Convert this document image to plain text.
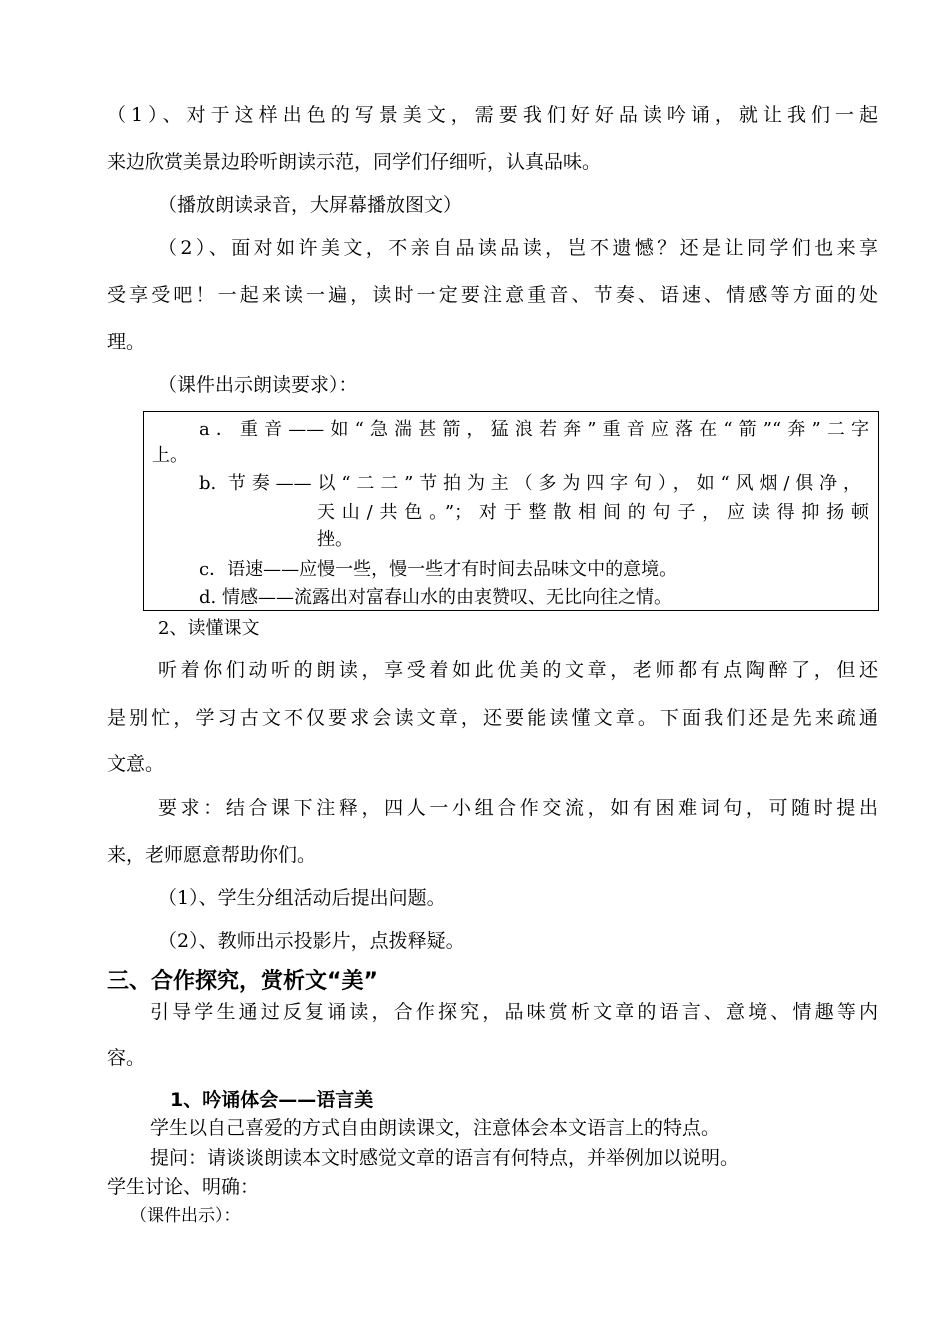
（1）、对于这样出色的写景美文，需要我们好好品读吟诵，就让我们一起
来边欣赏美景边聆听朗读示范，同学们仔细听，认真品味。
（播放朗读录音，大屏幕播放图文）
（2）、面对如许美文，不亲自品读品读，岂不遗憾？还是让同学们也来享
受享受吧！一起来读一遍，读时一定要注意重音、节奏、语速、情感等方面的处
理。
（课件出示朗读要求）：
a．重音——如“急湍甚箭，猛浪若奔”重音应落在“箭”“奔”二字
上。
b. 节奏——以“二二”节拍为主（多为四字句），如“风烟/俱净，
天山/共色。”；对于整散相间的句子，应读得抑扬顿
挫。
c．语速——应慢一些，慢一些才有时间去品味文中的意境。
d. 情感——流露出对富春山水的由衷赞叹、无比向往之情。
2、读懂课文
听着你们动听的朗读，享受着如此优美的文章，老师都有点陶醉了，但还
是别忙，学习古文不仅要求会读文章，还要能读懂文章。下面我们还是先来疏通
文意。
要求：结合课下注释，四人一小组合作交流，如有困难词句，可随时提出
来，老师愿意帮助你们。
（1）、学生分组活动后提出问题。
（2）、教师出示投影片，点拨释疑。
三、合作探究，赏析文“美”
引导学生通过反复诵读，合作探究，品味赏析文章的语言、意境、情趣等内
容。
1、吟诵体会——语言美
学生以自己喜爱的方式自由朗读课文，注意体会本文语言上的特点。
提问：请谈谈朗读本文时感觉文章的语言有何特点，并举例加以说明。
学生讨论、明确：
（课件出示）：
